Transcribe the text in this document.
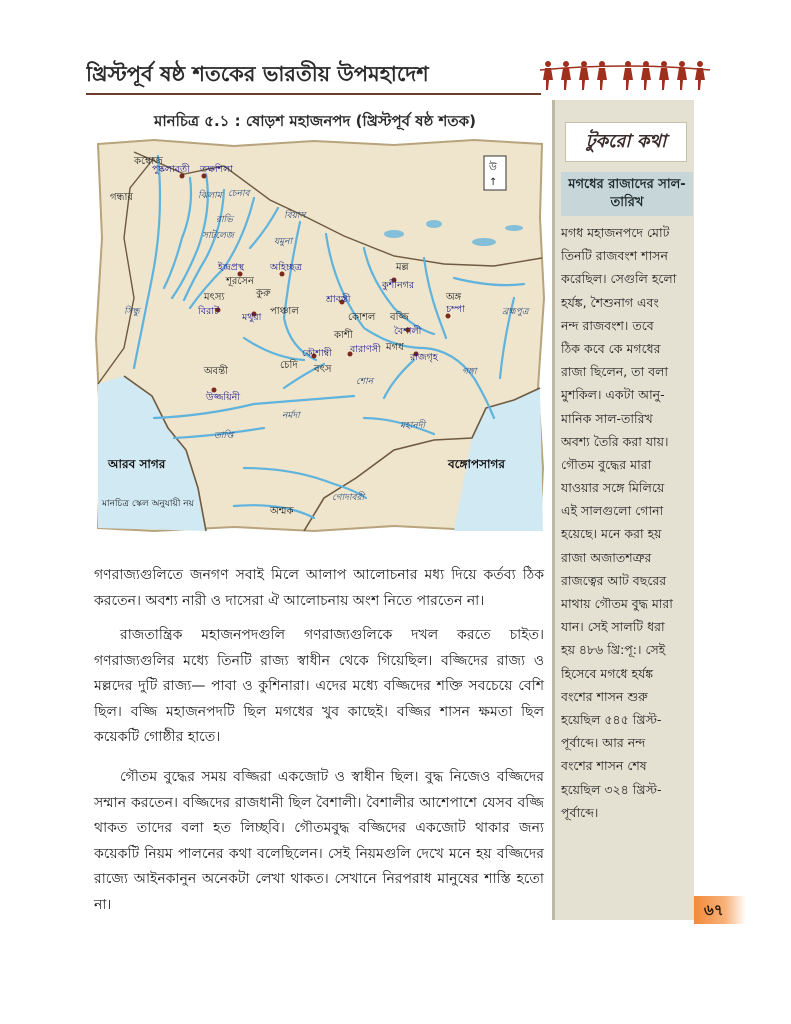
খ্রিস্টপূর্ব ষষ্ঠ শতকের ভারতীয় উপমহাদেশ
মানচিত্র ৫.১ : ষোড়শ মহাজনপদ (খ্রিস্টপূর্ব ষষ্ঠ শতক)
উ
↑
কম্বোজ
গন্ধার
পুষ্কলাবতী তক্ষশিলা
সিন্ধু
ঝিলাম চেনাব
রাভি
সাটলেজ
বিয়াস
যমুনা
ইন্দ্রপ্রস্থ	অহিচ্ছত্র
শূরসেন
কুরু
মৎস্য
বিরাট
মথুরা
পাঞ্চাল
শ্রাবস্তী
কোশল
মল্ল
কুশীনগর
বজ্জি
বৈশালী
কাশী
বারাণসী
কৌশাম্বী
বৎস
মগধ
রাজগৃহ
অঙ্গ
চম্পা	ব্রহ্মপুত্র
গঙ্গা
শোন
চেদি
অবন্তী
উজ্জয়িনী
নর্মদা
তাপ্তি
মহানদী
গোদাবরী
অশ্মক
আরব সাগর	বঙ্গোপসাগর
মানচিত্র স্কেল অনুযায়ী নয়

গণরাজ্যগুলিতে জনগণ সবাই মিলে আলাপ আলোচনার মধ্য দিয়ে কর্তব্য ঠিক করতেন। অবশ্য নারী ও দাসেরা ঐ আলোচনায় অংশ নিতে পারতেন না।

রাজতান্ত্রিক মহাজনপদগুলি গণরাজ্যগুলিকে দখল করতে চাইত। গণরাজ্যগুলির মধ্যে তিনটি রাজ্য স্বাধীন থেকে গিয়েছিল। বজ্জিদের রাজ্য ও মল্লদের দুটি রাজ্য— পাবা ও কুশিনারা। এদের মধ্যে বজ্জিদের শক্তি সবচেয়ে বেশি ছিল। বজ্জি মহাজনপদটি ছিল মগধের খুব কাছেই। বজ্জির শাসন ক্ষমতা ছিল কয়েকটি গোষ্ঠীর হাতে।

গৌতম বুদ্ধের সময় বজ্জিরা একজোট ও স্বাধীন ছিল। বুদ্ধ নিজেও বজ্জিদের সম্মান করতেন। বজ্জিদের রাজধানী ছিল বৈশালী। বৈশালীর আশেপাশে যেসব বজ্জি থাকত তাদের বলা হত লিচ্ছবি। গৌতমবুদ্ধ বজ্জিদের একজোট থাকার জন্য কয়েকটি নিয়ম পালনের কথা বলেছিলেন। সেই নিয়মগুলি দেখে মনে হয় বজ্জিদের রাজ্যে আইনকানুন অনেকটা লেখা থাকত। সেখানে নিরপরাধ মানুষের শাস্তি হতো না।

টুকরো কথা
মগধের রাজাদের সাল-তারিখ
মগধ মহাজনপদে মোট
তিনটি রাজবংশ শাসন
করেছিল। সেগুলি হলো
হর্যঙ্ক, শৈশুনাগ এবং
নন্দ রাজবংশ। তবে
ঠিক কবে কে মগধের
রাজা ছিলেন, তা বলা
মুশকিল। একটা আনু-
মানিক সাল-তারিখ
অবশ্য তৈরি করা যায়।
গৌতম বুদ্ধের মারা
যাওয়ার সঙ্গে মিলিয়ে
এই সালগুলো গোনা
হয়েছে। মনে করা হয়
রাজা অজাতশত্রুর
রাজত্বের আট বছরের
মাথায় গৌতম বুদ্ধ মারা
যান। সেই সালটি ধরা
হয় ৪৮৬ খ্রি:পূ:। সেই
হিসেবে মগধে হর্যঙ্ক
বংশের শাসন শুরু
হয়েছিল ৫৪৫ খ্রিস্ট-
পূর্বাব্দে। আর নন্দ
বংশের শাসন শেষ
হয়েছিল ৩২৪ খ্রিস্ট-
পূর্বাব্দে।
৬৭
